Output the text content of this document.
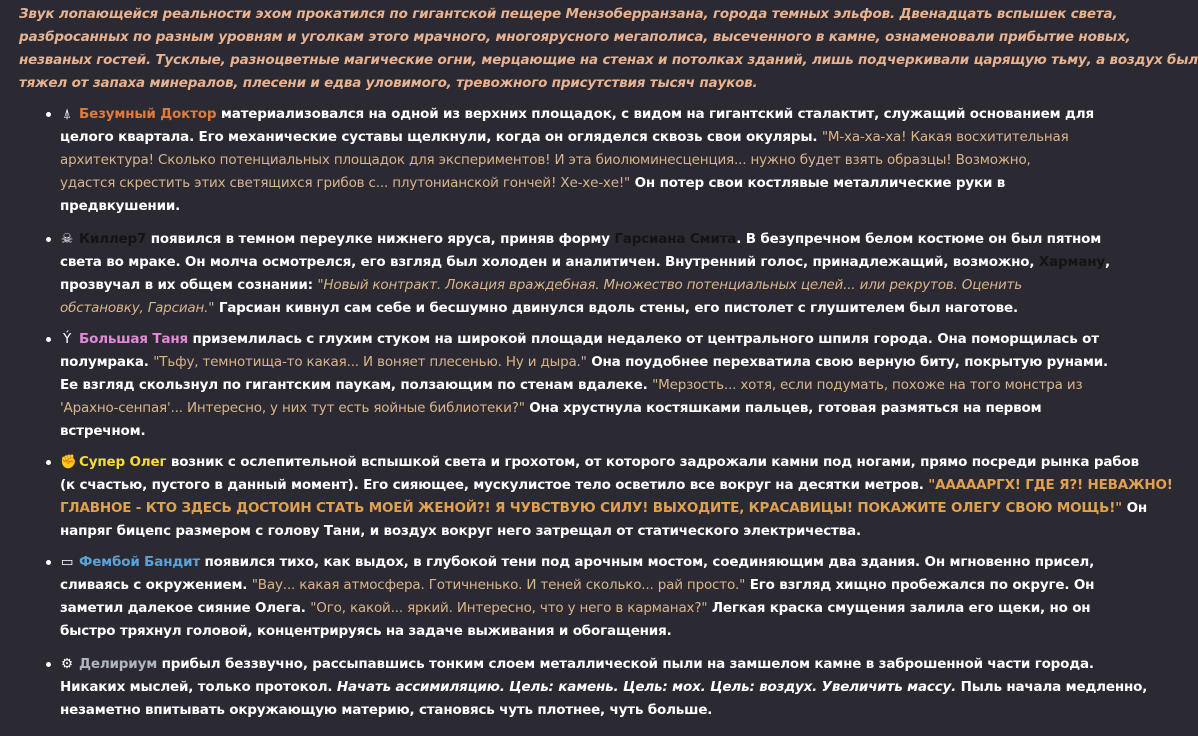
Звук лопающейся реальности эхом прокатился по гигантской пещере Мензоберранзана, города темных эльфов. Двенадцать вспышек света,
разбросанных по разным уровням и уголкам этого мрачного, многоярусного мегаполиса, высеченного в камне, ознаменовали прибытие новых,
незваных гостей. Тусклые, разноцветные магические огни, мерцающие на стенах и потолках зданий, лишь подчеркивали царящую тьму, а воздух был
тяжел от запаха минералов, плесени и едва уловимого, тревожного присутствия тысяч пауков.

⍋ Безумный Доктор материализовался на одной из верхних площадок, с видом на гигантский сталактит, служащий основанием для
целого квартала. Его механические суставы щелкнули, когда он огляделся сквозь свои окуляры. "М-ха-ха-ха! Какая восхитительная
архитектура! Сколько потенциальных площадок для экспериментов! И эта биолюминесценция... нужно будет взять образцы! Возможно,
удастся скрестить этих светящихся грибов с... плутонианской гончей! Хе-хе-хе!" Он потер свои костлявые металлические руки в
предвкушении.
☠ Киллер7 появился в темном переулке нижнего яруса, приняв форму Гарсиана Смита. В безупречном белом костюме он был пятном
света во мраке. Он молча осмотрелся, его взгляд был холоден и аналитичен. Внутренний голос, принадлежащий, возможно, Харману,
прозвучал в их общем сознании: "Новый контракт. Локация враждебная. Множество потенциальных целей... или рекрутов. Оценить
обстановку, Гарсиан." Гарсиан кивнул сам себе и бесшумно двинулся вдоль стены, его пистолет с глушителем был наготове.
Ý Большая Таня приземлилась с глухим стуком на широкой площади недалеко от центрального шпиля города. Она поморщилась от
полумрака. "Тьфу, темнотища-то какая... И воняет плесенью. Ну и дыра." Она поудобнее перехватила свою верную биту, покрытую рунами.
Ее взгляд скользнул по гигантским паукам, ползающим по стенам вдалеке. "Мерзость... хотя, если подумать, похоже на того монстра из
'Арахно-сенпая'... Интересно, у них тут есть яойные библиотеки?" Она хрустнула костяшками пальцев, готовая размяться на первом
встречном.
✊ Супер Олег возник с ослепительной вспышкой света и грохотом, от которого задрожали камни под ногами, прямо посреди рынка рабов
(к счастью, пустого в данный момент). Его сияющее, мускулистое тело осветило все вокруг на десятки метров. "АААААРГХ! ГДЕ Я?! НЕВАЖНО!
ГЛАВНОЕ - КТО ЗДЕСЬ ДОСТОИН СТАТЬ МОЕЙ ЖЕНОЙ?! Я ЧУВСТВУЮ СИЛУ! ВЫХОДИТЕ, КРАСАВИЦЫ! ПОКАЖИТЕ ОЛЕГУ СВОЮ МОЩЬ!" Он
напряг бицепс размером с голову Тани, и воздух вокруг него затрещал от статического электричества.
▭ Фембой Бандит появился тихо, как выдох, в глубокой тени под арочным мостом, соединяющим два здания. Он мгновенно присел,
сливаясь с окружением. "Вау... какая атмосфера. Готичненько. И теней сколько... рай просто." Его взгляд хищно пробежался по округе. Он
заметил далекое сияние Олега. "Ого, какой... яркий. Интересно, что у него в карманах?" Легкая краска смущения залила его щеки, но он
быстро тряхнул головой, концентрируясь на задаче выживания и обогащения.
⚙ Делириум прибыл беззвучно, рассыпавшись тонким слоем металлической пыли на замшелом камне в заброшенной части города.
Никаких мыслей, только протокол. Начать ассимиляцию. Цель: камень. Цель: мох. Цель: воздух. Увеличить массу. Пыль начала медленно,
незаметно впитывать окружающую материю, становясь чуть плотнее, чуть больше.
